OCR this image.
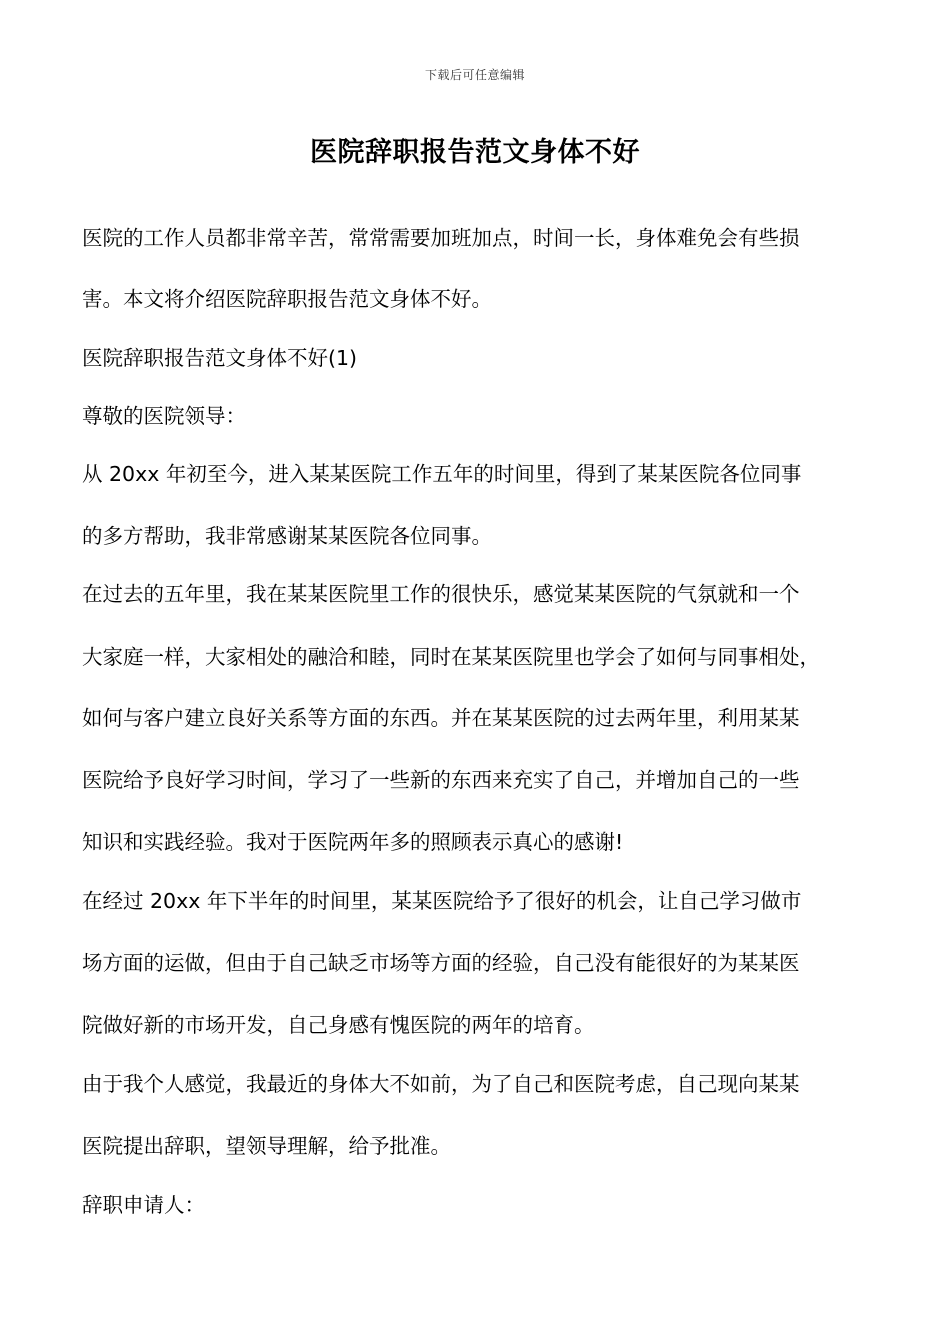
下载后可任意编辑
医院辞职报告范文身体不好
医院的工作人员都非常辛苦，常常需要加班加点，时间一长，身体难免会有些损
害。本文将介绍医院辞职报告范文身体不好。
医院辞职报告范文身体不好(1)
尊敬的医院领导：
从 20xx 年初至今，进入某某医院工作五年的时间里，得到了某某医院各位同事
的多方帮助，我非常感谢某某医院各位同事。
在过去的五年里，我在某某医院里工作的很快乐，感觉某某医院的气氛就和一个
大家庭一样，大家相处的融洽和睦，同时在某某医院里也学会了如何与同事相处，
如何与客户建立良好关系等方面的东西。并在某某医院的过去两年里，利用某某
医院给予良好学习时间，学习了一些新的东西来充实了自己，并增加自己的一些
知识和实践经验。我对于医院两年多的照顾表示真心的感谢!
在经过 20xx 年下半年的时间里，某某医院给予了很好的机会，让自己学习做市
场方面的运做，但由于自己缺乏市场等方面的经验，自己没有能很好的为某某医
院做好新的市场开发，自己身感有愧医院的两年的培育。
由于我个人感觉，我最近的身体大不如前，为了自己和医院考虑，自己现向某某
医院提出辞职，望领导理解，给予批准。
辞职申请人：
